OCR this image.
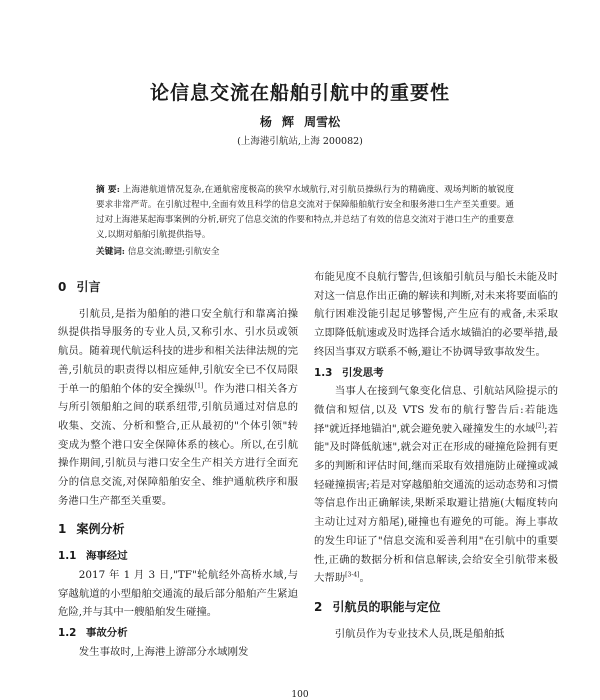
论信息交流在船舶引航中的重要性
杨 辉 周雪松
(上海港引航站,上海 200082)
摘 要: 上海港航道情况复杂,在通航密度极高的狭窄水域航行,对引航员操纵行为的精确度、观场判断的敏锐度要求非常严苛。在引航过程中,全面有效且科学的信息交流对于保障船舶航行安全和服务港口生产至关重要。通过对上海港某起海事案例的分析,研究了信息交流的作要和特点,并总结了有效的信息交流对于港口生产的重要意义,以期对船舶引航提供指导。
关键词: 信息交流;瞭望;引航安全
0 引言

引航员,是指为船舶的港口安全航行和靠离泊操纵提供指导服务的专业人员,又称引水、引水员或领航员。随着现代航运科技的进步和相关法律法规的完善,引航员的职责得以相应延伸,引航安全已不仅局限于单一的船舶个体的安全操纵[1]。作为港口相关各方与所引领船舶之间的联系纽带,引航员通过对信息的收集、交流、分析和整合,正从最初的"个体引领"转变成为整个港口安全保障体系的核心。所以,在引航操作期间,引航员与港口安全生产相关方进行全面充分的信息交流,对保障船舶安全、维护通航秩序和服务港口生产都至关重要。

1 案例分析
1.1 海事经过

2017 年 1 月 3 日,"TF"轮航经外高桥水域,与穿越航道的小型船舶交通流的最后部分船舶产生紧迫危险,并与其中一艘船舶发生碰撞。

1.2 事故分析

发生事故时,上海港上游部分水域刚发

布能见度不良航行警告,但该船引航员与船长未能及时对这一信息作出正确的解读和判断,对未来将要面临的航行困难没能引起足够警惕,产生应有的戒备,未采取立即降低航速或及时选择合适水域锚泊的必要举措,最终因当事双方联系不畅,避让不协调导致事故发生。

1.3 引发思考

当事人在接到气象变化信息、引航站风险提示的微信和短信,以及 VTS 发布的航行警告后:若能选择"就近择地锚泊",就会避免驶入碰撞发生的水域[2];若能"及时降低航速",就会对正在形成的碰撞危险拥有更多的判断和评估时间,继而采取有效措施防止碰撞或减轻碰撞损害;若是对穿越船舶交通流的运动态势和习惯等信息作出正确解读,果断采取避让措施(大幅度转向主动让过对方船尾),碰撞也有避免的可能。海上事故的发生印证了"信息交流和妥善利用"在引航中的重要性,正确的数据分析和信息解读,会给安全引航带来极大帮助[3-4]。

2 引航员的职能与定位

引航员作为专业技术人员,既是船舶抵

100
